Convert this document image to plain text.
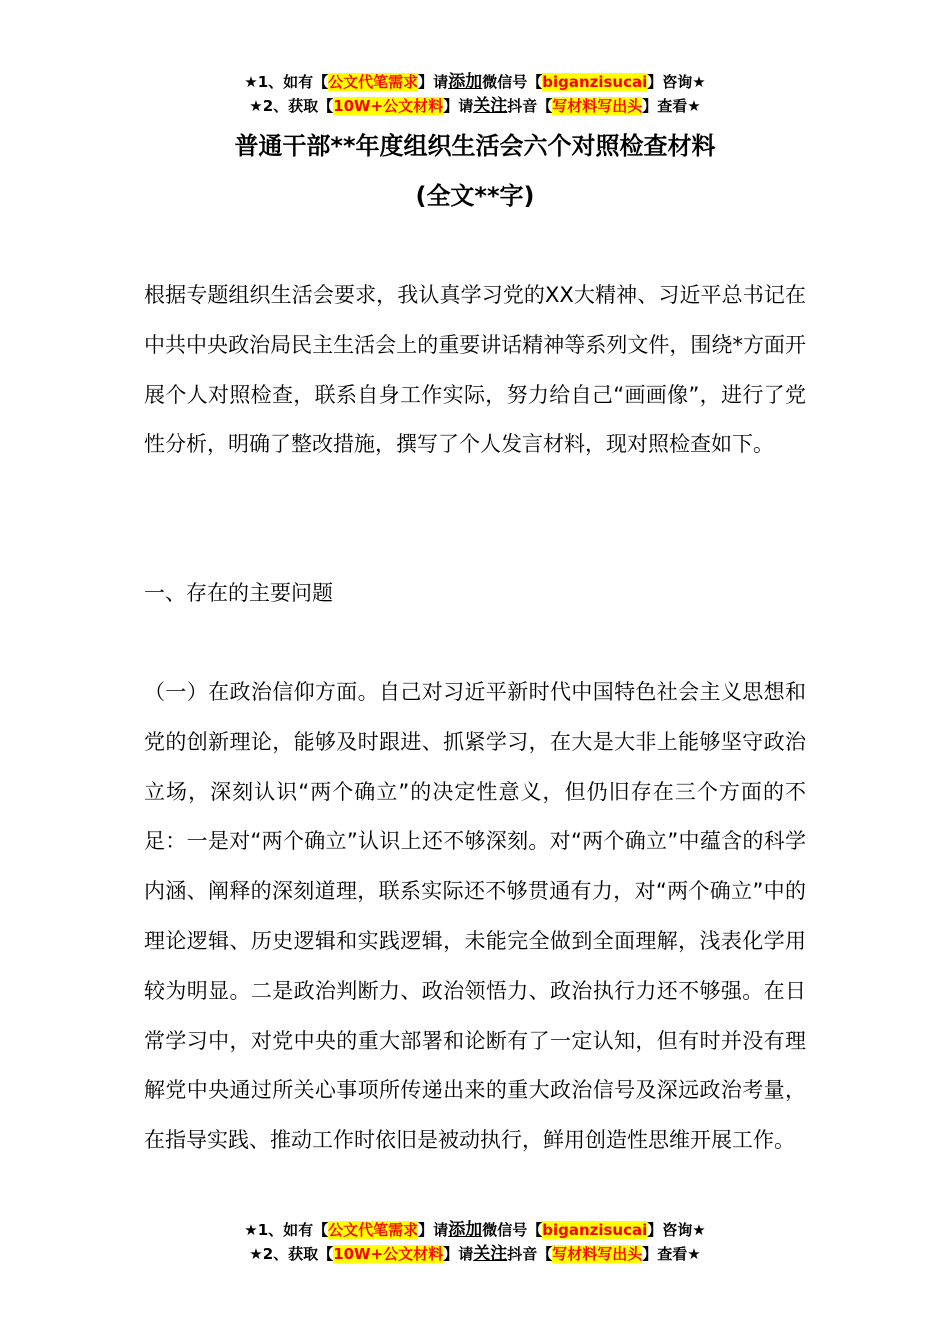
★1、如有【公文代笔需求】请添加微信号【biganzisucai】咨询★
★2、获取【10W+公文材料】请关注抖音【写材料写出头】查看★
普通干部**年度组织生活会六个对照检查材料
(全文**字)

根据专题组织生活会要求，我认真学习党的XX大精神、习近平总书记在中共中央政治局民主生活会上的重要讲话精神等系列文件，围绕*方面开展个人对照检查，联系自身工作实际，努力给自己“画画像”，进行了党性分析，明确了整改措施，撰写了个人发言材料，现对照检查如下。

一、存在的主要问题

（一）在政治信仰方面。自己对习近平新时代中国特色社会主义思想和党的创新理论，能够及时跟进、抓紧学习，在大是大非上能够坚守政治立场，深刻认识“两个确立”的决定性意义，但仍旧存在三个方面的不足：一是对“两个确立”认识上还不够深刻。对“两个确立”中蕴含的科学内涵、阐释的深刻道理，联系实际还不够贯通有力，对“两个确立”中的理论逻辑、历史逻辑和实践逻辑，未能完全做到全面理解，浅表化学用较为明显。二是政治判断力、政治领悟力、政治执行力还不够强。在日常学习中，对党中央的重大部署和论断有了一定认知，但有时并没有理解党中央通过所关心事项所传递出来的重大政治信号及深远政治考量，在指导实践、推动工作时依旧是被动执行，鲜用创造性思维开展工作。

★1、如有【公文代笔需求】请添加微信号【biganzisucai】咨询★
★2、获取【10W+公文材料】请关注抖音【写材料写出头】查看★
